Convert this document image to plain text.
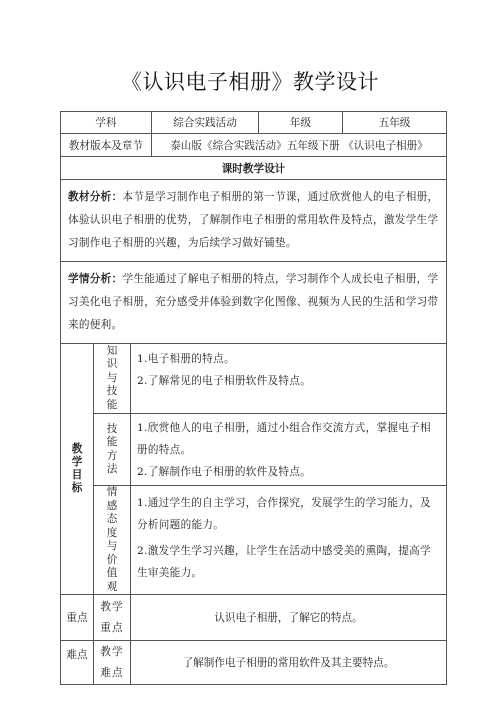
《认识电子相册》教学设计
学科			综合实践活动	年级	五年级
教材版本及章节			泰山版《综合实践活动》五年级下册 《认识电子相册》		
课时教学设计					
教材分析：本节是学习制作电子相册的第一节课，通过欣赏他人的电子相册，体验认识电子相册的优势，了解制作电子相册的常用软件及特点，激发学生学习制作电子相册的兴趣，为后续学习做好铺垫。					
学情分析：学生能通过了解电子相册的特点，学习制作个人成长电子相册，学习美化电子相册，充分感受并体验到数字化图像、视频为人民的生活和学习带来的便利。					

教学目标	知识与技能	1.电子相册的特点。
2.了解常见的电子相册软件及特点。			

	技能方法	1.欣赏他人的电子相册，通过小组合作交流方式，掌握电子相册的特点。
2.了解制作电子相册的软件及特点。			

	情感态度与价值观	1.通过学生的自主学习，合作探究，发展学生的学习能力，及分析问题的能力。
2.激发学生学习兴趣，让学生在活动中感受美的熏陶，提高学生审美能力。			

重点	教学重点	认识电子相册，了解它的特点。			
难点	教学难点	了解制作电子相册的常用软件及其主要特点。			
